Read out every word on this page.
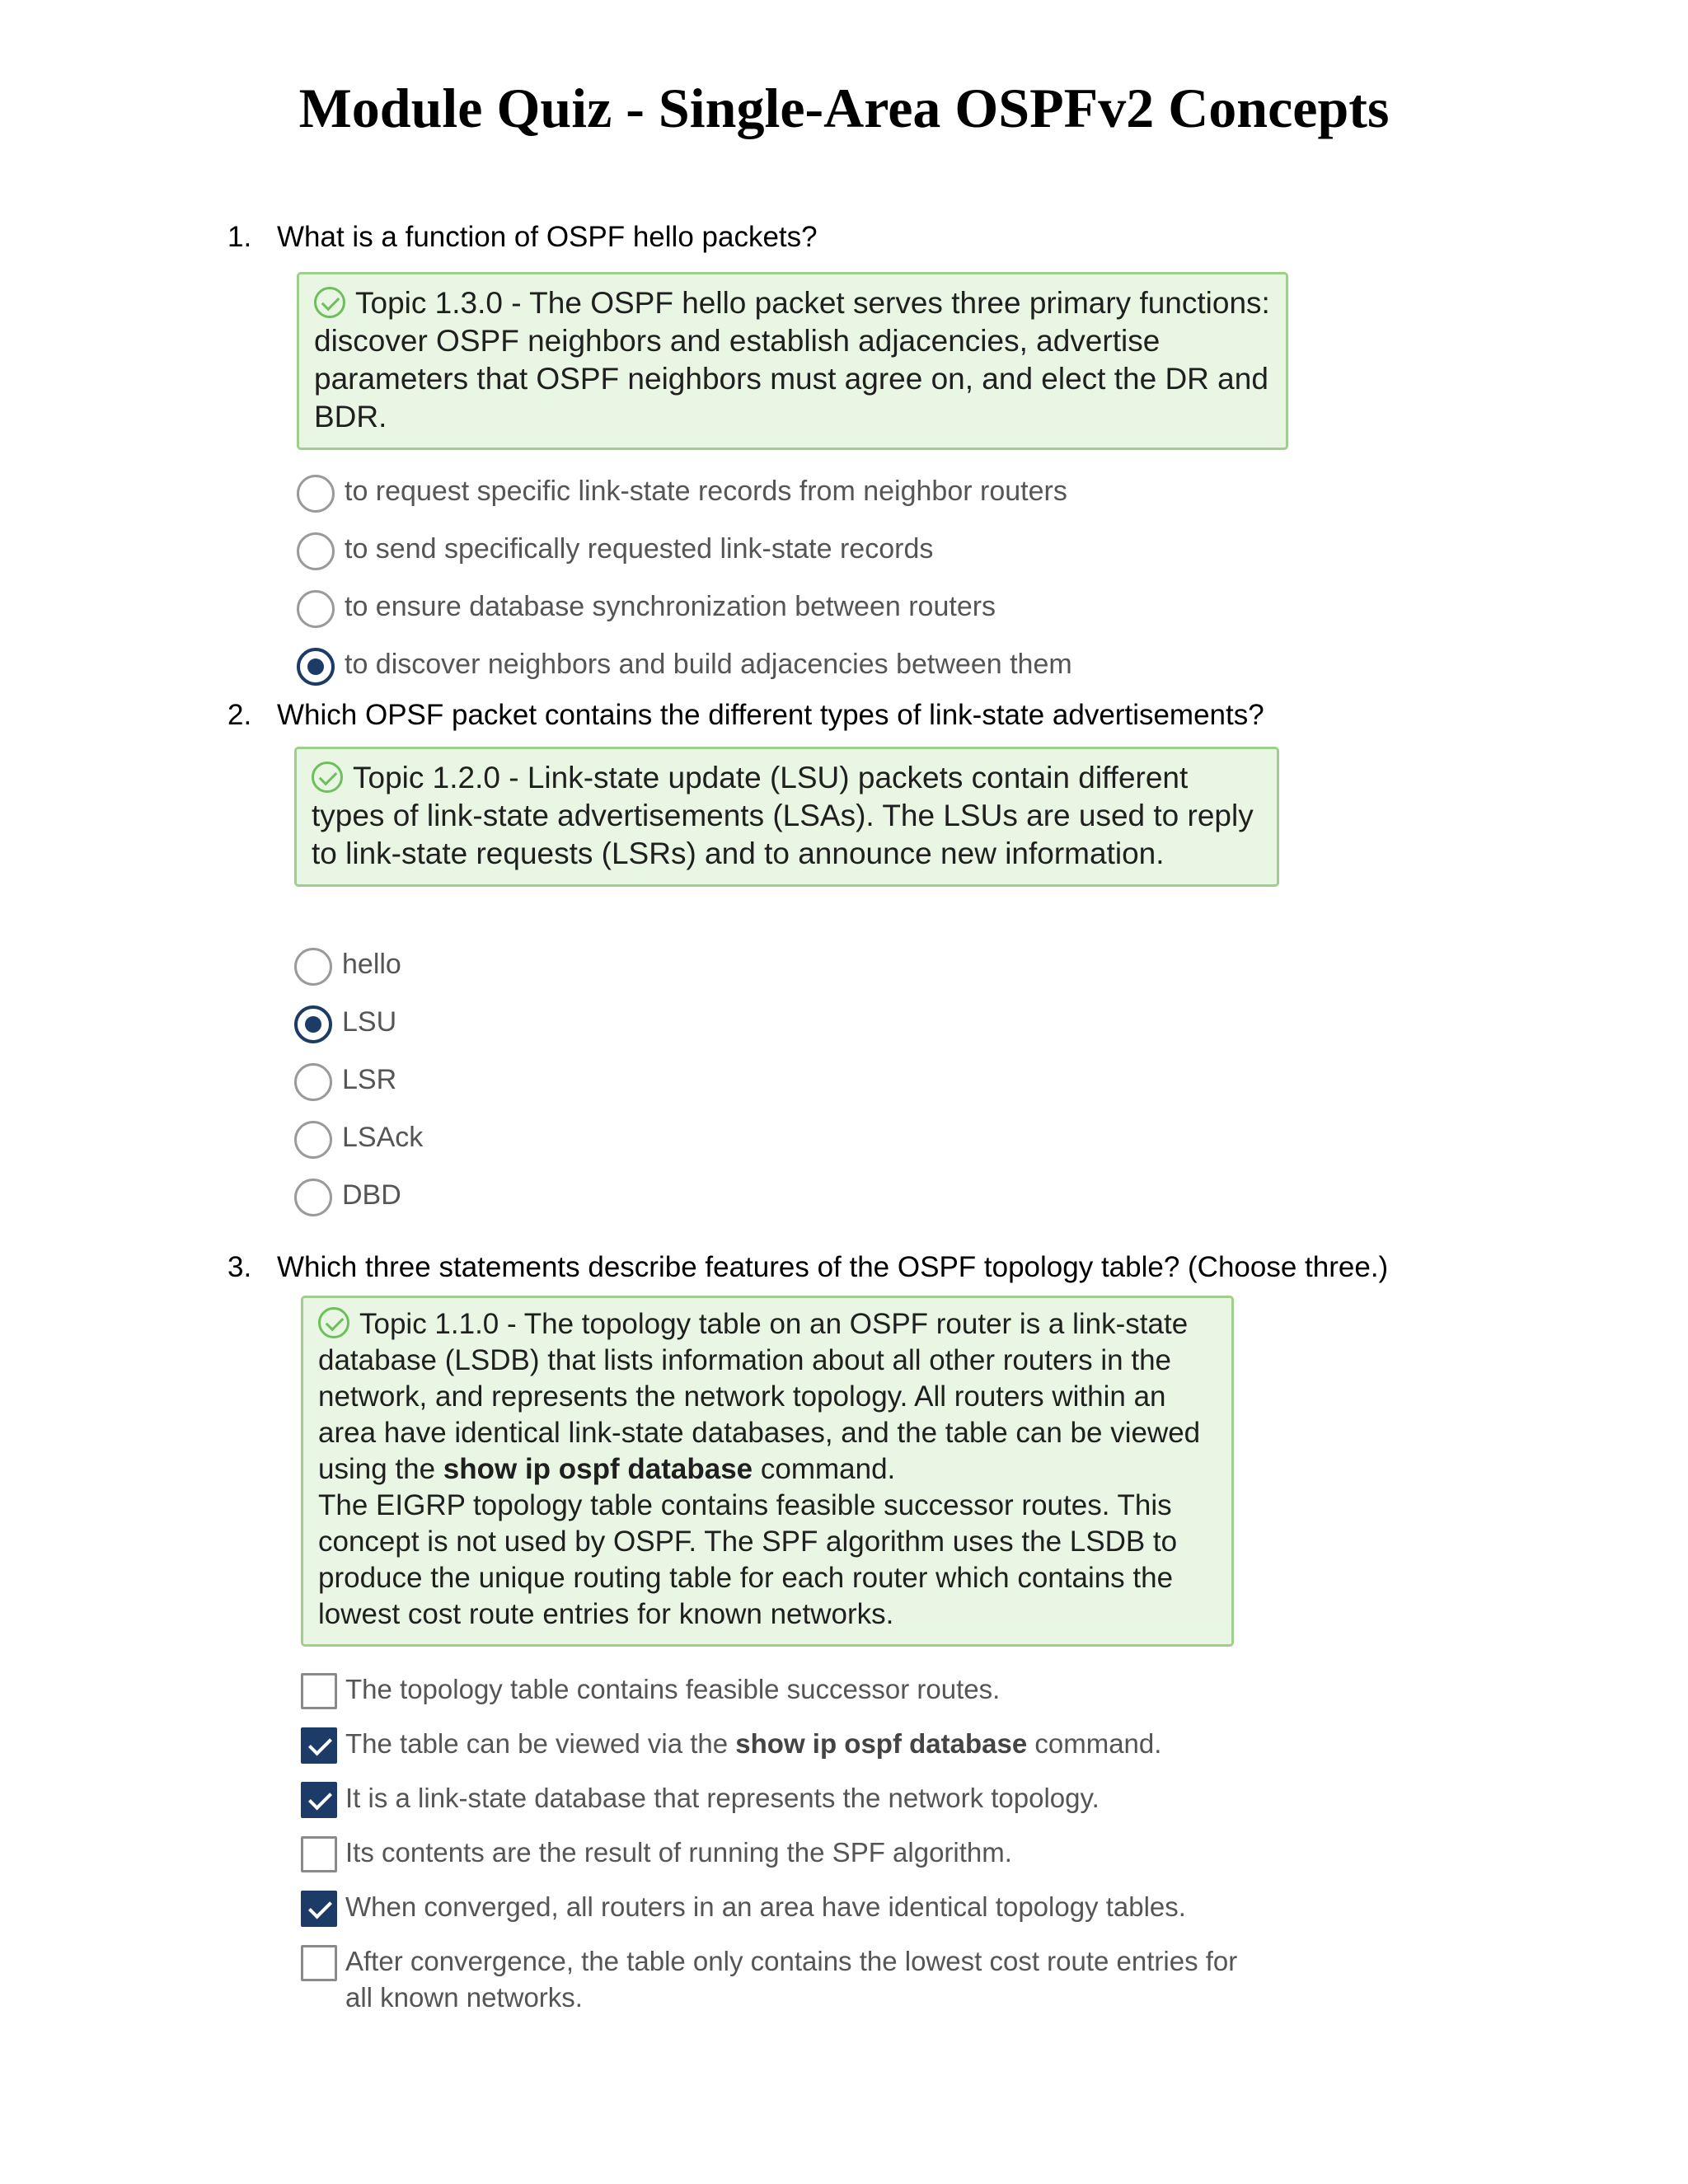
Module Quiz - Single-Area OSPFv2 Concepts
1. What is a function of OSPF hello packets?
Topic 1.3.0 - The OSPF hello packet serves three primary functions: discover OSPF neighbors and establish adjacencies, advertise parameters that OSPF neighbors must agree on, and elect the DR and BDR.
to request specific link-state records from neighbor routers
to send specifically requested link-state records
to ensure database synchronization between routers
to discover neighbors and build adjacencies between them
2. Which OPSF packet contains the different types of link-state advertisements?
Topic 1.2.0 - Link-state update (LSU) packets contain different types of link-state advertisements (LSAs). The LSUs are used to reply to link-state requests (LSRs) and to announce new information.
hello
LSU
LSR
LSAck
DBD
3. Which three statements describe features of the OSPF topology table? (Choose three.)

Topic 1.1.0 - The topology table on an OSPF router is a link-state database (LSDB) that lists information about all other routers in the network, and represents the network topology. All routers within an area have identical link-state databases, and the table can be viewed using the show ip ospf database command.

The EIGRP topology table contains feasible successor routes. This concept is not used by OSPF. The SPF algorithm uses the LSDB to produce the unique routing table for each router which contains the lowest cost route entries for known networks.

The topology table contains feasible successor routes.
The table can be viewed via the show ip ospf database command.
It is a link-state database that represents the network topology.
Its contents are the result of running the SPF algorithm.
When converged, all routers in an area have identical topology tables.
After convergence, the table only contains the lowest cost route entries for all known networks.
